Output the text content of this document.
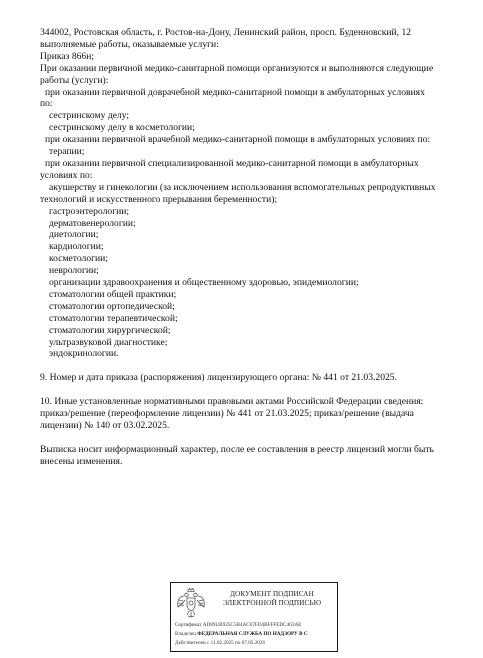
344002, Ростовская область, г. Ростов-на-Дону, Ленинский район, просп. Буденновский, 12
выполняемые работы, оказываемые услуги:
Приказ 866н;
При оказании первичной медико-санитарной помощи организуются и выполняются следующие
работы (услуги):
при оказании первичной доврачебной медико-санитарной помощи в амбулаторных условиях
по:
сестринскому делу;
сестринскому делу в косметологии;
при оказании первичной врачебной медико-санитарной помощи в амбулаторных условиях по:
терапии;
при оказании первичной специализированной медико-санитарной помощи в амбулаторных
условиях по:
акушерству и гинекологии (за исключением использования вспомогательных репродуктивных
технологий и искусственного прерывания беременности);
гастроэнтерологии;
дерматовенерологии;
диетологии;
кардиологии;
косметологии;
неврологии;
организации здравоохранения и общественному здоровью, эпидемиологии;
стоматологии общей практики;
стоматологии ортопедической;
стоматологии терапевтической;
стоматологии хирургической;
ультразвуковой диагностике;
эндокринологии.
9. Номер и дата приказа (распоряжения) лицензирующего органа: № 441 от 21.03.2025.
10. Иные установленные нормативными правовыми актами Российской Федерации сведения:
приказ/решение (переоформление лицензии) № 441 от 21.03.2025; приказ/решение (выдача
лицензии) № 140 от 03.02.2025.
Выписка носит информационный характер, после ее составления в реестр лицензий могли быть
внесены изменения.
ДОКУМЕНТ ПОДПИСАН
ЭЛЕКТРОННОЙ ПОДПИСЬЮ
Сертификат AD89UB925C5B4AC67FD4BFFFEDC463AE
Владелец ФЕДЕРАЛЬНАЯ СЛУЖБА ПО НАДЗОРУ В С
Действителен с 11.02.2025 по 07.05.2026
